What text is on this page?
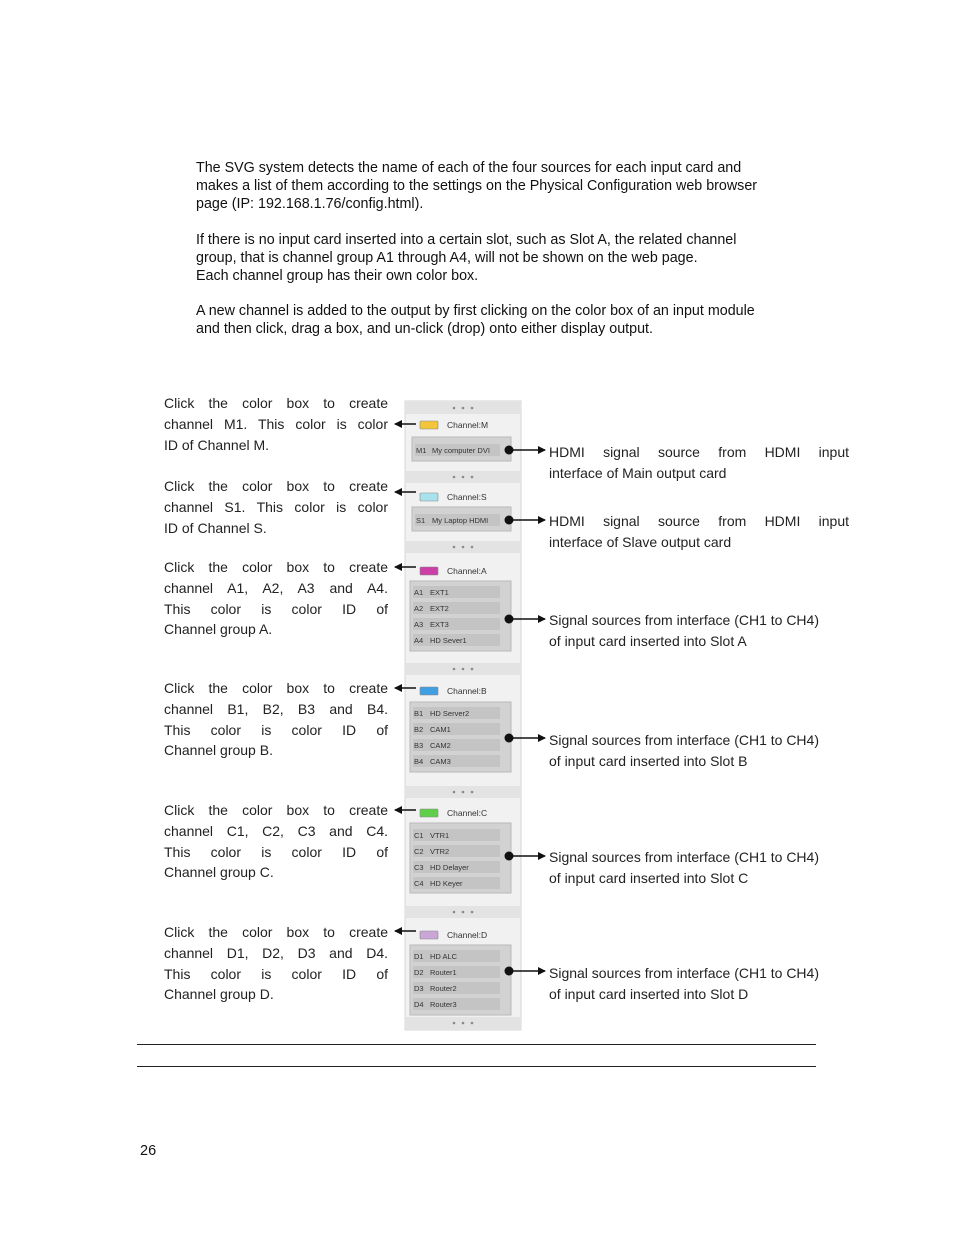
The SVG system detects the name of each of the four sources for each input card and
makes a list of them according to the settings on the Physical Configuration web browser
page (IP: 192.168.1.76/config.html).
If there is no input card inserted into a certain slot, such as Slot A, the related channel
group, that is channel group A1 through A4, will not be shown on the web page.
Each channel group has their own color box.
A new channel is added to the output by first clicking on the color box of an input module
and then click, drag a box, and un-click (drop) onto either display output.
Click the color box to create
channel M1. This color is color
ID of Channel M.
Click the color box to create
channel S1. This color is color
ID of Channel S.
Click the color box to create
channel A1, A2, A3 and A4.
This color is color ID of
Channel group A.
Click the color box to create
channel B1, B2, B3 and B4.
This color is color ID of
Channel group B.
Click the color box to create
channel C1, C2, C3 and C4.
This color is color ID of
Channel group C.
Click the color box to create
channel D1, D2, D3 and D4.
This color is color ID of
Channel group D.
HDMI signal source from HDMI input
interface of Main output card
HDMI signal source from HDMI input
interface of Slave output card
Signal sources from interface (CH1 to CH4)
of input card inserted into Slot A
Signal sources from interface (CH1 to CH4)
of input card inserted into Slot B
Signal sources from interface (CH1 to CH4)
of input card inserted into Slot C
Signal sources from interface (CH1 to CH4)
of input card inserted into Slot D
Channel:M
M1 My computer DVI
Channel:S
S1 My Laptop HDMI
Channel:A
A1 EXT1
A2 EXT2
A3 EXT3
A4 HD Sever1
Channel:B
B1 HD Server2
B2 CAM1
B3 CAM2
B4 CAM3
Channel:C
C1 VTR1
C2 VTR2
C3 HD Delayer
C4 HD Keyer
Channel:D
D1 HD ALC
D2 Router1
D3 Router2
D4 Router3
26
